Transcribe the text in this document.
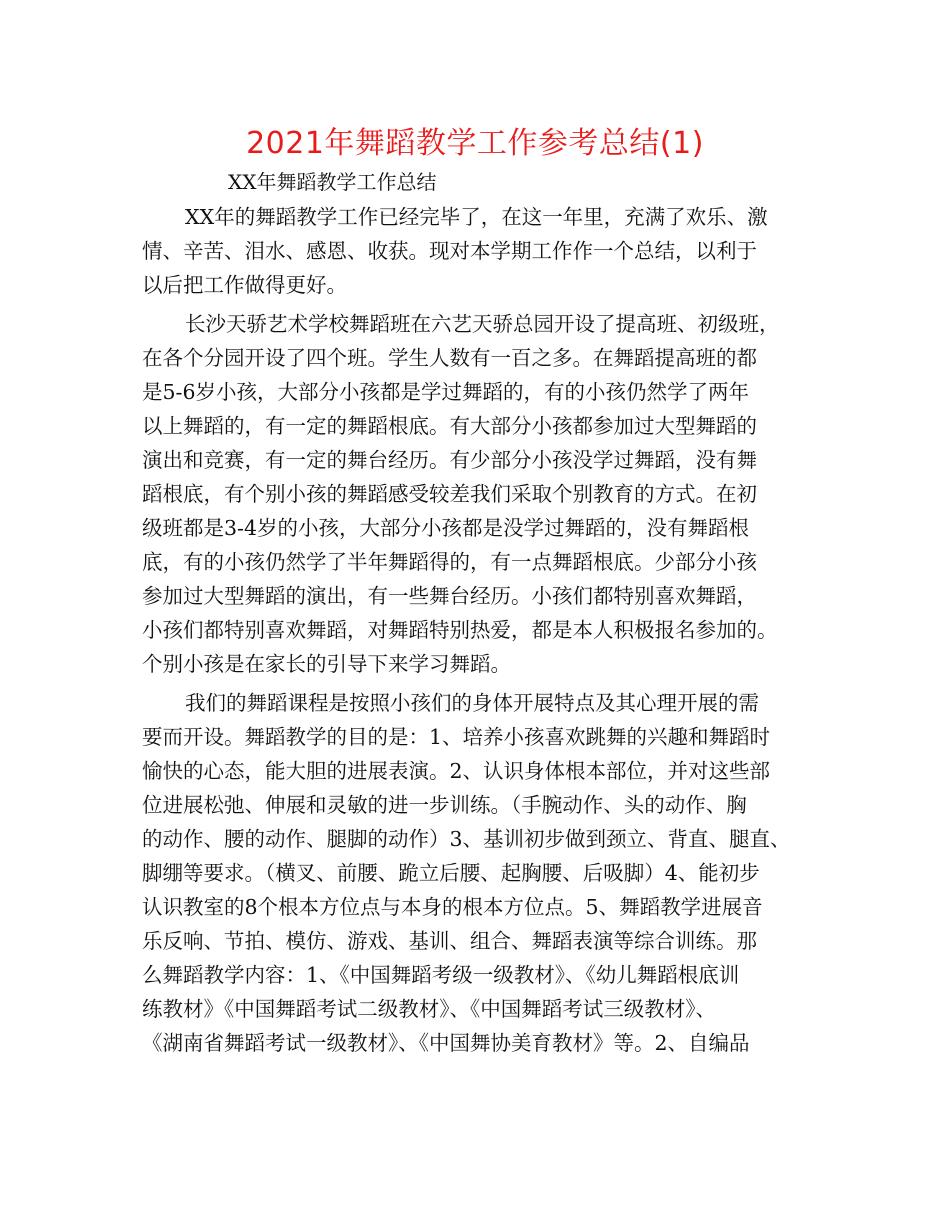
2021年舞蹈教学工作参考总结(1)
XX年舞蹈教学工作总结
XX年的舞蹈教学工作已经完毕了，在这一年里，充满了欢乐、激
情、辛苦、泪水、感恩、收获。现对本学期工作作一个总结，以利于
以后把工作做得更好。
长沙天骄艺术学校舞蹈班在六艺天骄总园开设了提高班、初级班，
在各个分园开设了四个班。学生人数有一百之多。在舞蹈提高班的都
是5-6岁小孩，大部分小孩都是学过舞蹈的，有的小孩仍然学了两年
以上舞蹈的，有一定的舞蹈根底。有大部分小孩都参加过大型舞蹈的
演出和竞赛，有一定的舞台经历。有少部分小孩没学过舞蹈，没有舞
蹈根底，有个别小孩的舞蹈感受较差我们采取个别教育的方式。在初
级班都是3-4岁的小孩，大部分小孩都是没学过舞蹈的，没有舞蹈根
底，有的小孩仍然学了半年舞蹈得的，有一点舞蹈根底。少部分小孩
参加过大型舞蹈的演出，有一些舞台经历。小孩们都特别喜欢舞蹈，
小孩们都特别喜欢舞蹈，对舞蹈特别热爱，都是本人积极报名参加的。
个别小孩是在家长的引导下来学习舞蹈。
我们的舞蹈课程是按照小孩们的身体开展特点及其心理开展的需
要而开设。舞蹈教学的目的是：1、培养小孩喜欢跳舞的兴趣和舞蹈时
愉快的心态，能大胆的进展表演。2、认识身体根本部位，并对这些部
位进展松弛、伸展和灵敏的进一步训练。（手腕动作、头的动作、胸
的动作、腰的动作、腿脚的动作）3、基训初步做到颈立、背直、腿直、
脚绷等要求。（横叉、前腰、跪立后腰、起胸腰、后吸脚）4、能初步
认识教室的8个根本方位点与本身的根本方位点。5、舞蹈教学进展音
乐反响、节拍、模仿、游戏、基训、组合、舞蹈表演等综合训练。那
么舞蹈教学内容：1、《中国舞蹈考级一级教材》、《幼儿舞蹈根底训
练教材》《中国舞蹈考试二级教材》、《中国舞蹈考试三级教材》、
《湖南省舞蹈考试一级教材》、《中国舞协美育教材》等。2、自编品
